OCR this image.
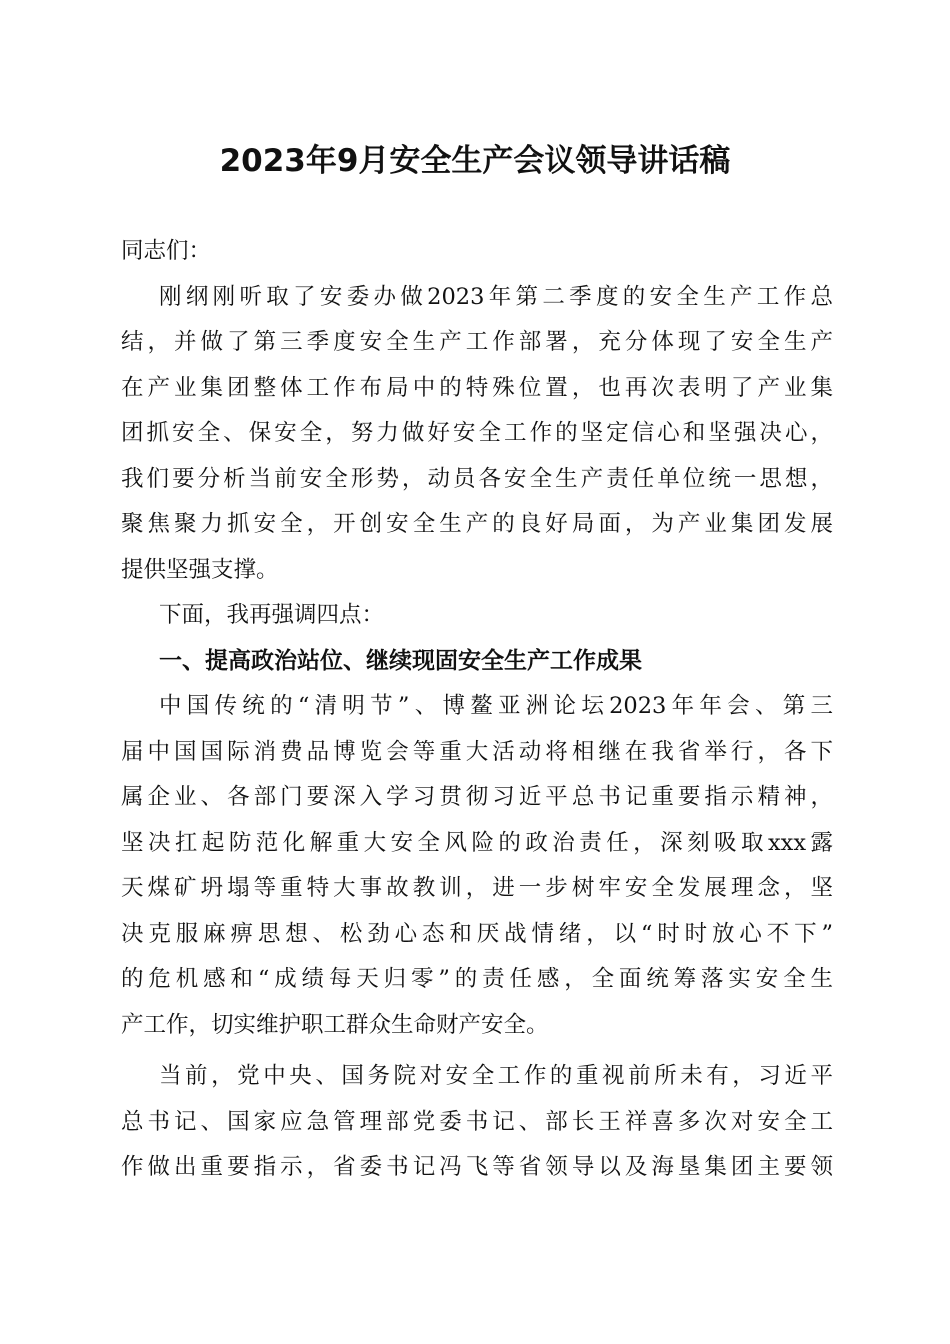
2023年9月安全生产会议领导讲话稿
同志们：
刚纲刚听取了安委办做2023年第二季度的安全生产工作总
结，并做了第三季度安全生产工作部署，充分体现了安全生产
在产业集团整体工作布局中的特殊位置，也再次表明了产业集
团抓安全、保安全，努力做好安全工作的坚定信心和坚强决心，
我们要分析当前安全形势，动员各安全生产责任单位统一思想，
聚焦聚力抓安全，开创安全生产的良好局面，为产业集团发展
提供坚强支撑。
下面，我再强调四点：
一、提高政治站位、继续现固安全生产工作成果
中国传统的“清明节”、博鳌亚洲论坛2023年年会、第三
届中国国际消费品博览会等重大活动将相继在我省举行，各下
属企业、各部门要深入学习贯彻习近平总书记重要指示精神，
坚决扛起防范化解重大安全风险的政治责任，深刻吸取xxx露
天煤矿坍塌等重特大事故教训，进一步树牢安全发展理念，坚
决克服麻痹思想、松劲心态和厌战情绪，以“时时放心不下”
的危机感和“成绩每天归零”的责任感，全面统筹落实安全生
产工作，切实维护职工群众生命财产安全。
当前，党中央、国务院对安全工作的重视前所未有，习近平
总书记、国家应急管理部党委书记、部长王祥喜多次对安全工
作做出重要指示，省委书记冯飞等省领导以及海垦集团主要领
